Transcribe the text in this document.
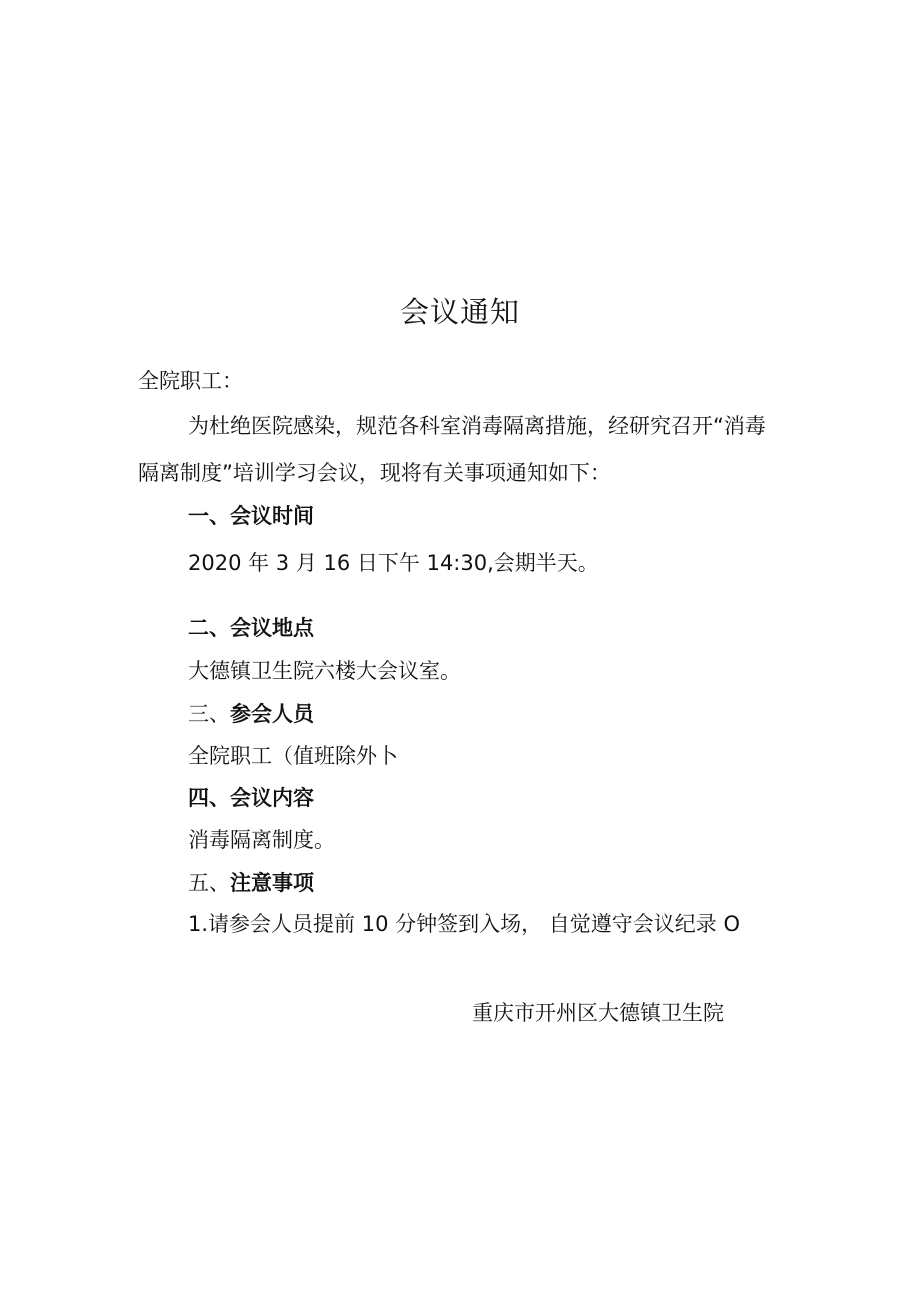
会议通知
全院职工：
为杜绝医院感染，规范各科室消毒隔离措施，经研究召开“消毒
隔离制度”培训学习会议，现将有关事项通知如下：
一、会议时间
2020 年 3 月 16 日下午 14:30,会期半天。
二、会议地点
大德镇卫生院六楼大会议室。
三、参会人员
全院职工（值班除外卜
四、会议内容
消毒隔离制度。
五、注意事项
1.请参会人员提前 10 分钟签到入场， 自觉遵守会议纪录 O
重庆市开州区大德镇卫生院
